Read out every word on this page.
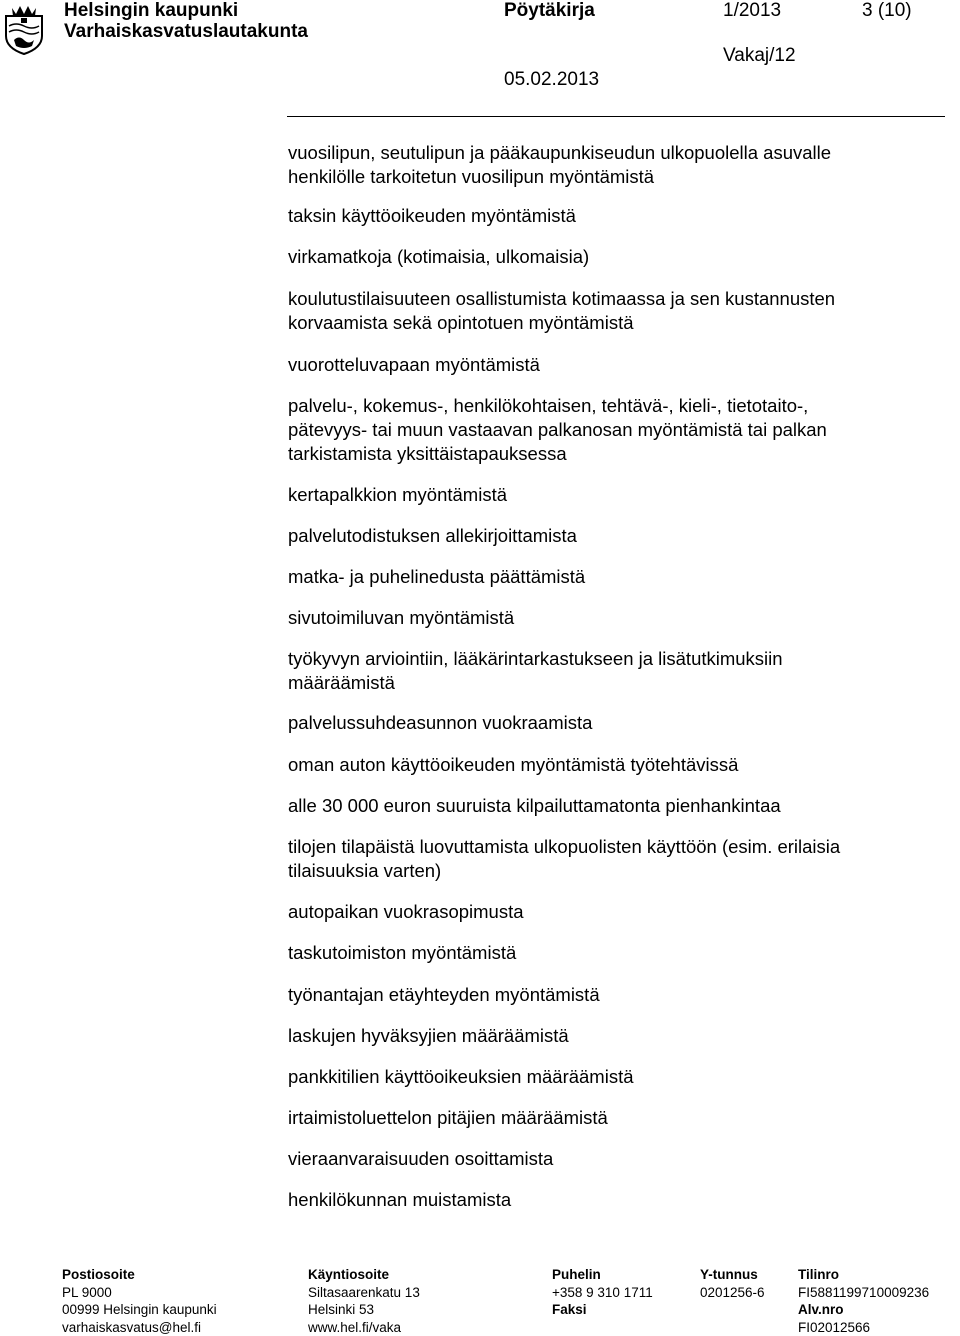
Helsingin kaupunki
Varhaiskasvatuslautakunta
Pöytäkirja	1/2013	3 (10)
Vakaj/12
05.02.2013
vuosilipun, seutulipun ja pääkaupunkiseudun ulkopuolella asuvalle
henkilölle tarkoitetun vuosilipun myöntämistä
taksin käyttöoikeuden myöntämistä
virkamatkoja (kotimaisia, ulkomaisia)
koulutustilaisuuteen osallistumista kotimaassa ja sen kustannusten
korvaamista sekä opintotuen myöntämistä
vuorotteluvapaan myöntämistä
palvelu-, kokemus-, henkilökohtaisen, tehtävä-, kieli-, tietotaito-,
pätevyys- tai muun vastaavan palkanosan myöntämistä tai palkan
tarkistamista yksittäistapauksessa
kertapalkkion myöntämistä
palvelutodistuksen allekirjoittamista
matka- ja puhelinedusta päättämistä
sivutoimiluvan myöntämistä
työkyvyn arviointiin, lääkärintarkastukseen ja lisätutkimuksiin
määräämistä
palvelussuhdeasunnon vuokraamista
oman auton käyttöoikeuden myöntämistä työtehtävissä
alle 30 000 euron suuruista kilpailuttamatonta pienhankintaa
tilojen tilapäistä luovuttamista ulkopuolisten käyttöön (esim. erilaisia
tilaisuuksia varten)
autopaikan vuokrasopimusta
taskutoimiston myöntämistä
työnantajan etäyhteyden myöntämistä
laskujen hyväksyjien määräämistä
pankkitilien käyttöoikeuksien määräämistä
irtaimistoluettelon pitäjien määräämistä
vieraanvaraisuuden osoittamista
henkilökunnan muistamista
Postiosoite
PL 9000
00999 Helsingin kaupunki
varhaiskasvatus@hel.fi
Käyntiosoite
Siltasaarenkatu 13
Helsinki 53
www.hel.fi/vaka
Puhelin
+358 9 310 1711
Faksi
Y-tunnus
0201256-6
Tilinro
FI5881199710009236
Alv.nro
FI02012566
